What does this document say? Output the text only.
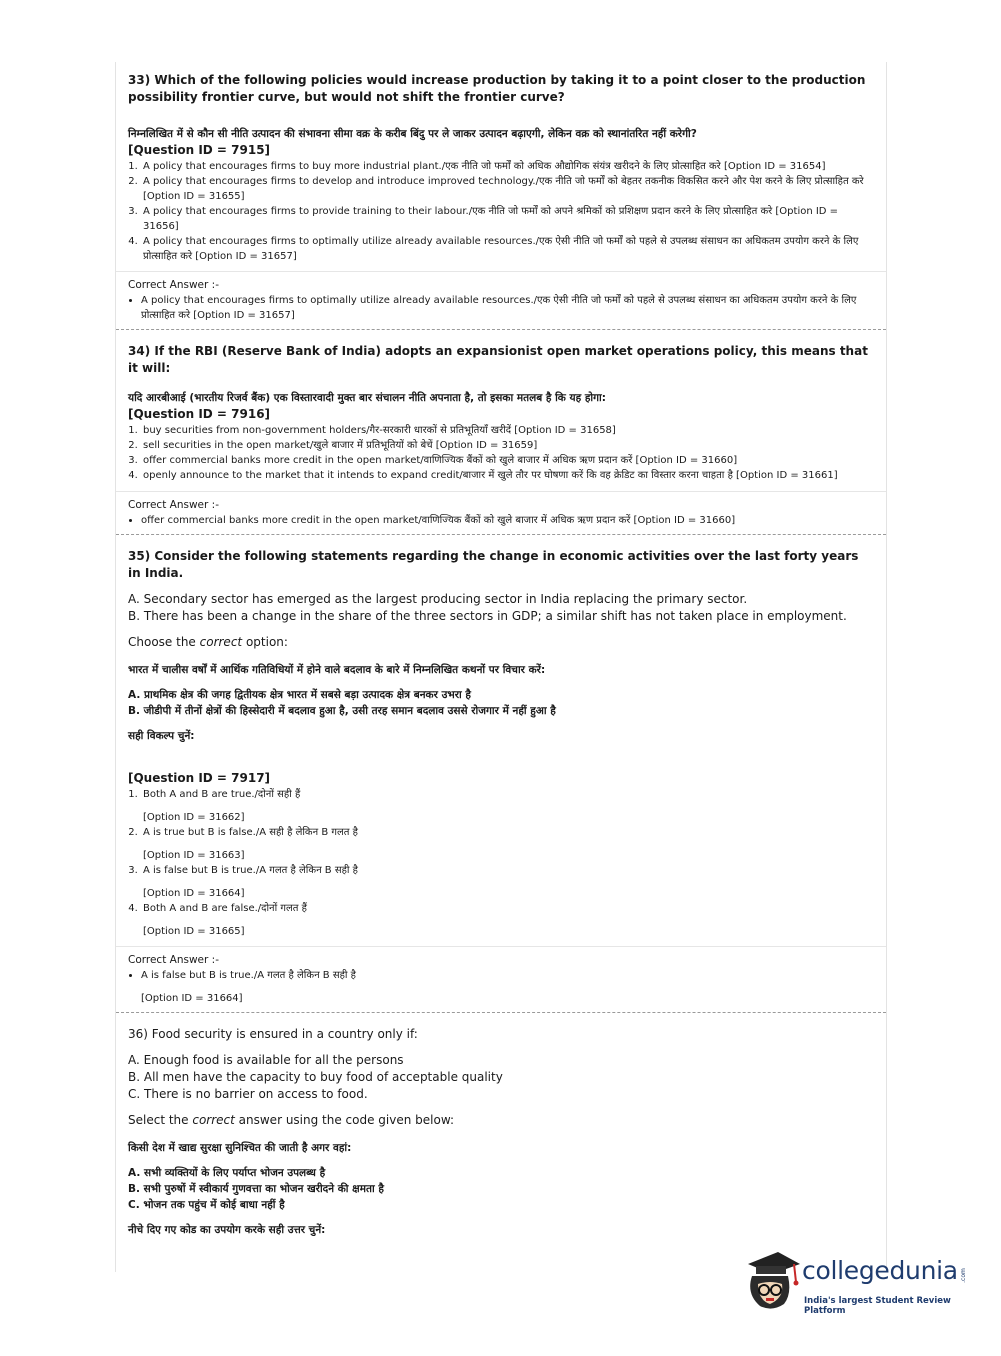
33) Which of the following policies would increase production by taking it to a point closer to the production possibility frontier curve, but would not shift the frontier curve?

निम्नलिखित में से कौन सी नीति उत्पादन की संभावना सीमा वक्र के करीब बिंदु पर ले जाकर उत्पादन बढ़ाएगी, लेकिन वक्र को स्थानांतरित नहीं करेगी?

[Question ID = 7915]

1. A policy that encourages firms to buy more industrial plant./एक नीति जो फर्मों को अधिक औद्योगिक संयंत्र खरीदने के लिए प्रोत्साहित करे [Option ID = 31654]
2. A policy that encourages firms to develop and introduce improved technology./एक नीति जो फर्मों को बेहतर तकनीक विकसित करने और पेश करने के लिए प्रोत्साहित करे [Option ID = 31655]
3. A policy that encourages firms to provide training to their labour./एक नीति जो फर्मों को अपने श्रमिकों को प्रशिक्षण प्रदान करने के लिए प्रोत्साहित करे [Option ID = 31656]
4. A policy that encourages firms to optimally utilize already available resources./एक ऐसी नीति जो फर्मों को पहले से उपलब्ध संसाधन का अधिकतम उपयोग करने के लिए प्रोत्साहित करे [Option ID = 31657]

Correct Answer :-

• A policy that encourages firms to optimally utilize already available resources./एक ऐसी नीति जो फर्मों को पहले से उपलब्ध संसाधन का अधिकतम उपयोग करने के लिए प्रोत्साहित करे [Option ID = 31657]

34) If the RBI (Reserve Bank of India) adopts an expansionist open market operations policy, this means that it will:

यदि आरबीआई (भारतीय रिजर्व बैंक) एक विस्तारवादी मुक्त बार संचालन नीति अपनाता है, तो इसका मतलब है कि यह होगा:

[Question ID = 7916]

1. buy securities from non-government holders/गैर-सरकारी धारकों से प्रतिभूतियाँ खरीदें [Option ID = 31658]
2. sell securities in the open market/खुले बाजार में प्रतिभूतियों को बेचें [Option ID = 31659]
3. offer commercial banks more credit in the open market/वाणिज्यिक बैंकों को खुले बाजार में अधिक ऋण प्रदान करें [Option ID = 31660]
4. openly announce to the market that it intends to expand credit/बाजार में खुले तौर पर घोषणा करें कि वह क्रेडिट का विस्तार करना चाहता है [Option ID = 31661]

Correct Answer :-

• offer commercial banks more credit in the open market/वाणिज्यिक बैंकों को खुले बाजार में अधिक ऋण प्रदान करें [Option ID = 31660]

35) Consider the following statements regarding the change in economic activities over the last forty years in India.

A. Secondary sector has emerged as the largest producing sector in India replacing the primary sector.

B. There has been a change in the share of the three sectors in GDP; a similar shift has not taken place in employment.

Choose the correct option:

भारत में चालीस वर्षों में आर्थिक गतिविधियों में होने वाले बदलाव के बारे में निम्नलिखित कथनों पर विचार करें:

A. प्राथमिक क्षेत्र की जगह द्वितीयक क्षेत्र भारत में सबसे बड़ा उत्पादक क्षेत्र बनकर उभरा है

B. जीडीपी में तीनों क्षेत्रों की हिस्सेदारी में बदलाव हुआ है, उसी तरह समान बदलाव उससे रोजगार में नहीं हुआ है

सही विकल्प चुनें:

[Question ID = 7917]

1. Both A and B are true./दोनों सही हैं

[Option ID = 31662]

2. A is true but B is false./A सही है लेकिन B गलत है

[Option ID = 31663]

3. A is false but B is true./A गलत है लेकिन B सही है

[Option ID = 31664]

4. Both A and B are false./दोनों गलत हैं

[Option ID = 31665]

Correct Answer :-

• A is false but B is true./A गलत है लेकिन B सही है

[Option ID = 31664]

36) Food security is ensured in a country only if:

A. Enough food is available for all the persons

B. All men have the capacity to buy food of acceptable quality

C. There is no barrier on access to food.

Select the correct answer using the code given below:

किसी देश में खाद्य सुरक्षा सुनिश्चित की जाती है अगर वहां:

A. सभी व्यक्तियों के लिए पर्याप्त भोजन उपलब्ध है

B. सभी पुरुषों में स्वीकार्य गुणवत्ता का भोजन खरीदने की क्षमता है

C. भोजन तक पहुंच में कोई बाधा नहीं है

नीचे दिए गए कोड का उपयोग करके सही उत्तर चुनें:

collegedunia .com
India's largest Student Review Platform
